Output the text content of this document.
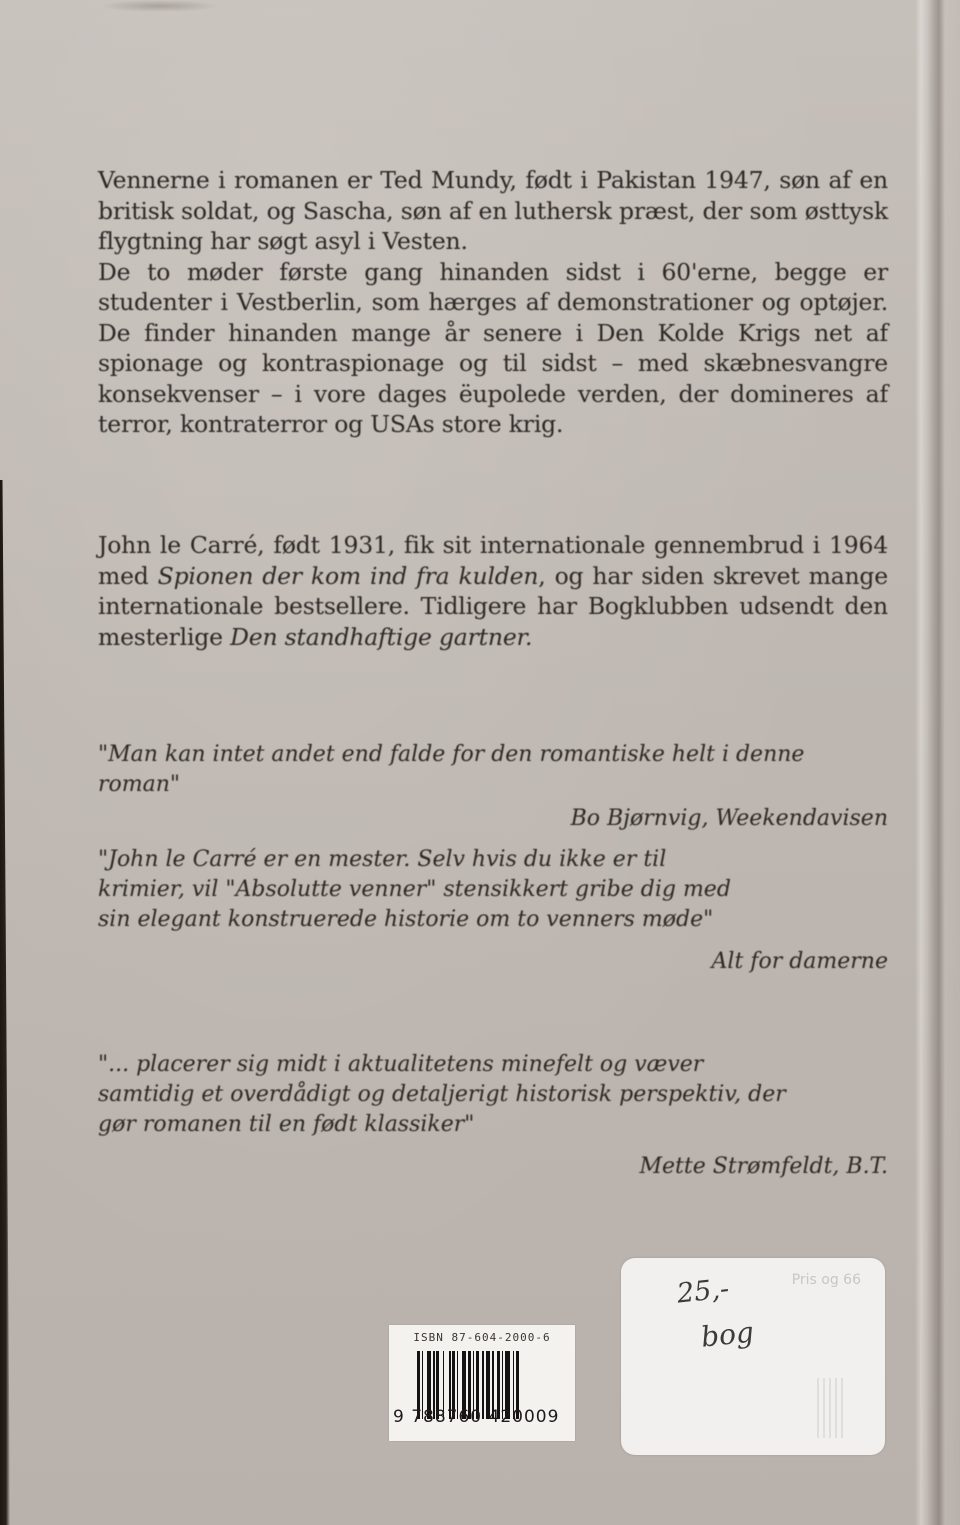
Vennerne i romanen er Ted Mundy, født i Pakistan 1947, søn af en britisk soldat, og Sascha, søn af en luthersk præst, der som østtysk flygtning har søgt asyl i Vesten.

De to møder første gang hinanden sidst i 60'erne, begge er studenter i Vestberlin, som hærges af demonstrationer og optøjer. De finder hinanden mange år senere i Den Kolde Krigs net af spionage og kontraspionage og til sidst – med skæbnesvangre konsekvenser – i vore dages ëupolede verden, der domineres af terror, kontraterror og USAs store krig.

John le Carré, født 1931, fik sit internationale gennembrud i 1964 med Spionen der kom ind fra kulden, og har siden skrevet mange internationale bestsellere. Tidligere har Bogklubben udsendt den mesterlige Den standhaftige gartner.

"Man kan intet andet end falde for den romantiske helt i denne roman"
Bo Bjørnvig, Weekendavisen
"John le Carré er en mester. Selv hvis du ikke er til krimier, vil "Absolutte venner" stensikkert gribe dig med sin elegant konstruerede historie om to venners møde"
Alt for damerne
"... placerer sig midt i aktualitetens minefelt og væver samtidig et overdådigt og detaljerigt historisk perspektiv, der gør romanen til en født klassiker"
Mette Strømfeldt, B.T.
ISBN 87-604-2000-6
9 788760 420009
Pris og 66
25,-
bog
